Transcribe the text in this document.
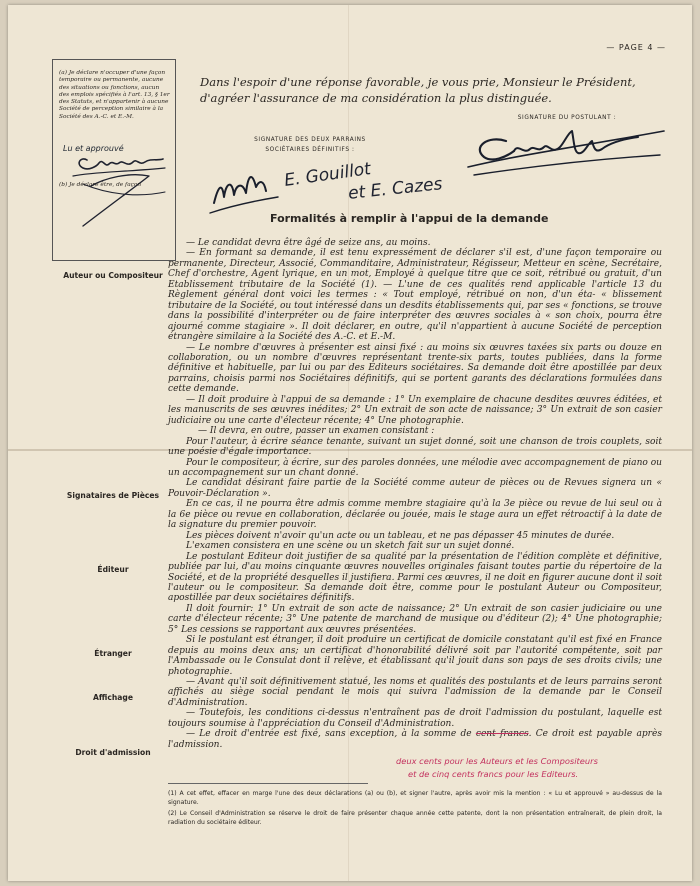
— PAGE 4 —
(a) Je déclare n'occuper d'une façon temporaire ou permanente, aucune des situations ou fonctions, aucun des emplois spécifiés à l'art. 13, § 1er des Statuts, et n'appartenir à aucune Société de perception similaire à la Société des A.-C. et E.-M.
Lu et approuvé
(b) Je déclare être, de façon
Dans l'espoir d'une réponse favorable, je vous prie, Monsieur le Président, d'agréer l'assurance de ma considération la plus distinguée.
SIGNATURE DES DEUX PARRAINS
SOCIÉTAIRES DÉFINITIFS :
SIGNATURE DU POSTULANT :
E. Gouillot
et E. Cazes
Formalités à remplir à l'appui de la demande
Auteur ou Compositeur
Signataires de Pièces
Éditeur
Étranger
Affichage
Droit d'admission

— Le candidat devra être âgé de seize ans, au moins.

— En formant sa demande, il est tenu expressément de déclarer s'il est, d'une façon temporaire ou permanente, Directeur, Associé, Commanditaire, Administrateur, Régisseur, Metteur en scène, Secrétaire, Chef d'orchestre, Agent lyrique, en un mot, Employé à quelque titre que ce soit, rétribué ou gratuit, d'un Etablissement tributaire de la Société (1). — L'une de ces qualités rend applicable l'article 13 du Règlement général dont voici les termes : « Tout employé, rétribué on non, d'un éta- « blissement tributaire de la Société, ou tout intéressé dans un desdits établissements qui, par ses « fonctions, se trouve dans la possibilité d'interpréter ou de faire interpréter des œuvres sociales à « son choix, pourra être ajourné comme stagiaire ». Il doit déclarer, en outre, qu'il n'appartient à aucune Société de perception étrangère similaire à la Société des A.-C. et E.-M.

— Le nombre d'œuvres à présenter est ainsi fixé : au moins six œuvres taxées six parts ou douze en collaboration, ou un nombre d'œuvres représentant trente-six parts, toutes publiées, dans la forme définitive et habituelle, par lui ou par des Editeurs sociétaires. Sa demande doit être apostillée par deux parrains, choisis parmi nos Sociétaires définitifs, qui se portent garants des déclarations formulées dans cette demande.

— Il doit produire à l'appui de sa demande : 1° Un exemplaire de chacune desdites œuvres éditées, et les manuscrits de ses œuvres inédites; 2° Un extrait de son acte de naissance; 3° Un extrait de son casier judiciaire ou une carte d'électeur récente; 4° Une photographie.

— Il devra, en outre, passer un examen consistant :

Pour l'auteur, à écrire séance tenante, suivant un sujet donné, soit une chanson de trois couplets, soit une poésie d'égale importance.

Pour le compositeur, à écrire, sur des paroles données, une mélodie avec accompagnement de piano ou un accompagnement sur un chant donné.

Le candidat désirant faire partie de la Société comme auteur de pièces ou de Revues signera un « Pouvoir-Déclaration ».

En ce cas, il ne pourra être admis comme membre stagiaire qu'à la 3e pièce ou revue de lui seul ou à la 6e pièce ou revue en collaboration, déclarée ou jouée, mais le stage aura un effet rétroactif à la date de la signature du premier pouvoir.

Les pièces doivent n'avoir qu'un acte ou un tableau, et ne pas dépasser 45 minutes de durée.

L'examen consistera en une scène ou un sketch fait sur un sujet donné.

Le postulant Editeur doit justifier de sa qualité par la présentation de l'édition complète et définitive, publiée par lui, d'au moins cinquante œuvres nouvelles originales faisant toutes partie du répertoire de la Société, et de la propriété desquelles il justifiera. Parmi ces œuvres, il ne doit en figurer aucune dont il soit l'auteur ou le compositeur. Sa demande doit être, comme pour le postulant Auteur ou Compositeur, apostillée par deux sociétaires définitifs.

Il doit fournir: 1° Un extrait de son acte de naissance; 2° Un extrait de son casier judiciaire ou une carte d'électeur récente; 3° Une patente de marchand de musique ou d'éditeur (2); 4° Une photographie; 5° Les cessions se rapportant aux œuvres présentées.

Si le postulant est étranger, il doit produire un certificat de domicile constatant qu'il est fixé en France depuis au moins deux ans; un certificat d'honorabilité délivré soit par l'autorité compétente, soit par l'Ambassade ou le Consulat dont il relève, et établissant qu'il jouit dans son pays de ses droits civils; une photographie.

— Avant qu'il soit définitivement statué, les noms et qualités des postulants et de leurs parrains seront affichés au siège social pendant le mois qui suivra l'admission de la demande par le Conseil d'Administration.

— Toutefois, les conditions ci-dessus n'entraînent pas de droit l'admission du postulant, laquelle est toujours soumise à l'appréciation du Conseil d'Administration.

— Le droit d'entrée est fixé, sans exception, à la somme de cent francs. Ce droit est payable après l'admission.

deux cents pour les Auteurs et les Compositeurs
et de cinq cents francs pour les Editeurs.
(1) A cet effet, effacer en marge l'une des deux déclarations (a) ou (b), et signer l'autre, après avoir mis la mention : « Lu et approuvé » au-dessus de la signature.
(2) Le Conseil d'Administration se réserve le droit de faire présenter chaque année cette patente, dont la non présentation entraînerait, de plein droit, la radiation du sociétaire éditeur.
